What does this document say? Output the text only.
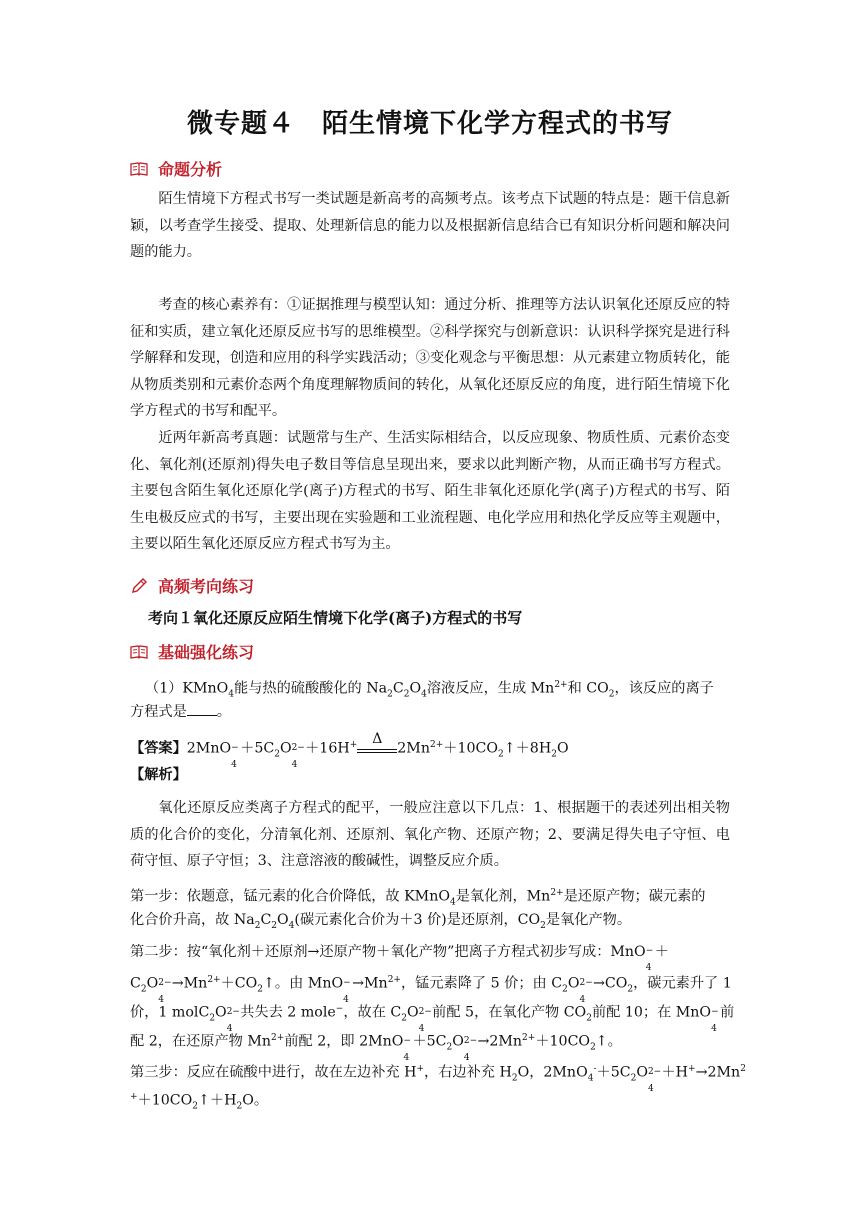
微专题４　陌生情境下化学方程式的书写
命题分析
陌生情境下方程式书写一类试题是新高考的高频考点。该考点下试题的特点是：题干信息新颖，以考查学生接受、提取、处理新信息的能力以及根据新信息结合已有知识分析问题和解决问题的能力。
考查的核心素养有：①证据推理与模型认知：通过分析、推理等方法认识氧化还原反应的特征和实质，建立氧化还原反应书写的思维模型。②科学探究与创新意识：认识科学探究是进行科学解释和发现，创造和应用的科学实践活动；③变化观念与平衡思想：从元素建立物质转化，能从物质类别和元素价态两个角度理解物质间的转化，从氧化还原反应的角度，进行陌生情境下化学方程式的书写和配平。
近两年新高考真题：试题常与生产、生活实际相结合，以反应现象、物质性质、元素价态变化、氧化剂(还原剂)得失电子数目等信息呈现出来，要求以此判断产物，从而正确书写方程式。主要包含陌生氧化还原化学(离子)方程式的书写、陌生非氧化还原化学(离子)方程式的书写、陌生电极反应式的书写，主要出现在实验题和工业流程题、电化学应用和热化学反应等主观题中，主要以陌生氧化还原反应方程式书写为主。
高频考向练习
考向１氧化还原反应陌生情境下化学(离子)方程式的书写
基础强化练习
（1）KMnO$_4$能与热的硫酸酸化的 $Na_2C_2O_4$溶液反应，生成 $Mn^{2+}$和 $CO_2$，该反应的离子
方程式是 。
【答案】2MnO −
4
$+5C_2O$ 2−
4
＋16H+	Δ
$2Mn^{2+}+10CO_2↑+8H_2O$
【解析】
氧化还原反应类离子方程式的配平，一般应注意以下几点：1、根据题干的表述列出相关物质的化合价的变化，分清氧化剂、还原剂、氧化产物、还原产物；2、要满足得失电子守恒、电荷守恒、原子守恒；3、注意溶液的酸碱性，调整反应介质。
第一步：依题意，锰元素的化合价降低，故 KMnO$_4$是氧化剂，$Mn^{2+}$是还原产物；碳元素的
化合价升高，故 $Na_2C_2O_4$(碳元素化合价为＋3 价)是还原剂，$CO_2$是氧化产物。
第二步：按“氧化剂＋还原剂→还原产物＋氧化产物”把离子方程式初步写成：MnO −
4
＋
$C_2O$ 2−
4
$\to Mn^{2+}+CO_2↑$。由 MnO −
4
$\to Mn^{2+}$，锰元素降了 5 价；由 $C_2O$ 2−
4
$\to CO_2$，碳元素升了 1
价，1 molC$_2$O 2−
4
共失去 2 mole−，故在 $C_2O$ 2−
4
前配 5，在氧化产物 $CO_2$前配 10；在 MnO −
4
前
配 2，在还原产物 $Mn^{2+}$前配 2，即 2MnO −
4
$+5C_2O$ 2−
4
$\to 2Mn^{2+}+10CO_2↑$。
第三步：反应在硫酸中进行，故在左边补充 H+，右边补充 $H_2O$，$2MnO_4^-+5C_2O$ 2−
4
$+H^+\to 2Mn^2$
$^++10CO_2↑+H_2O$。
